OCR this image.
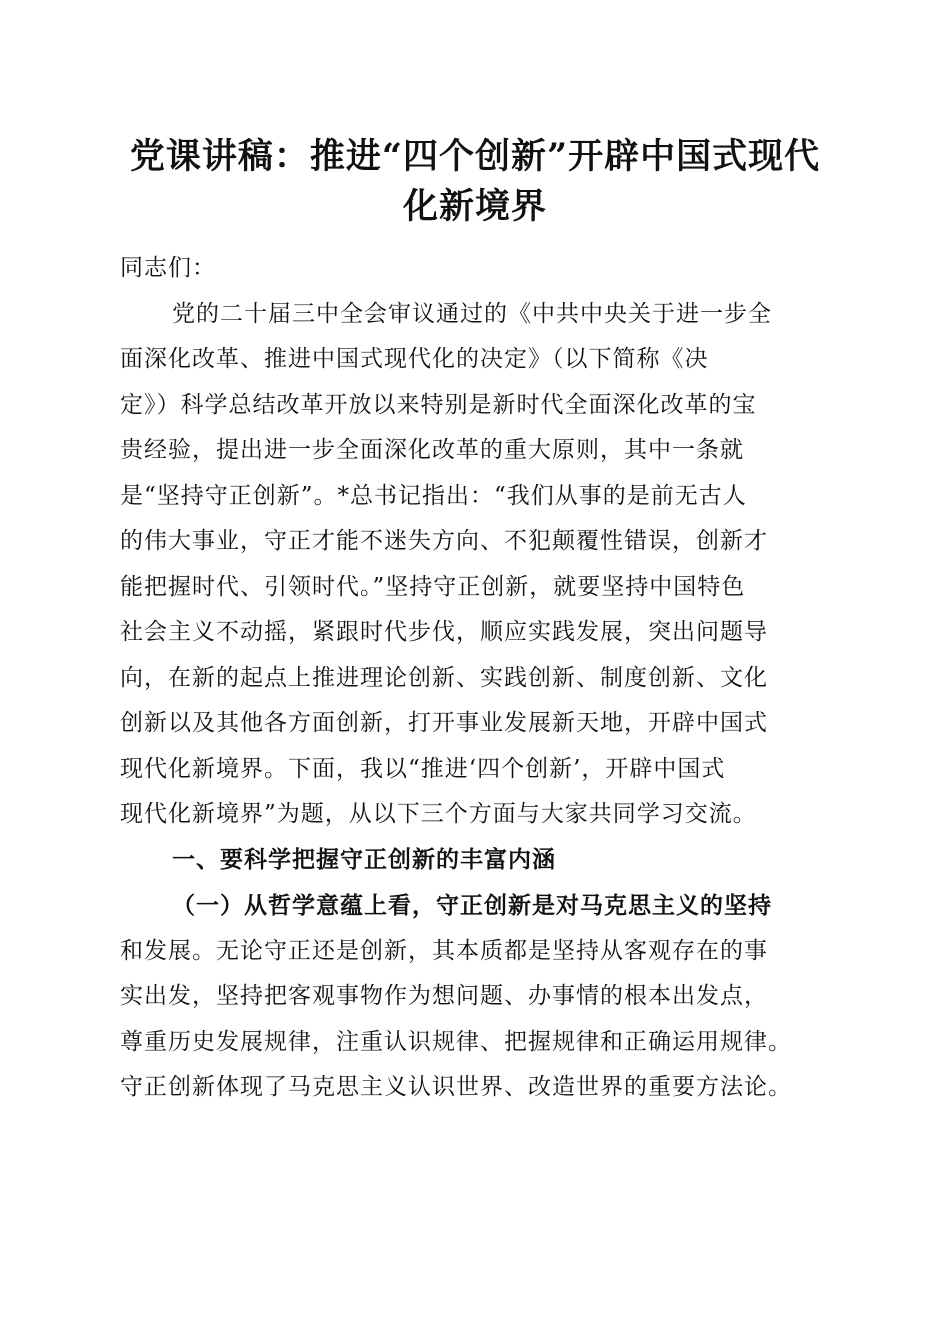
党课讲稿：推进“四个创新”开辟中国式现代
化新境界
同志们：
党的二十届三中全会审议通过的《中共中央关于进一步全
面深化改革、推进中国式现代化的决定》（以下简称《决
定》）科学总结改革开放以来特别是新时代全面深化改革的宝
贵经验，提出进一步全面深化改革的重大原则，其中一条就
是“坚持守正创新”。*总书记指出：“我们从事的是前无古人
的伟大事业，守正才能不迷失方向、不犯颠覆性错误，创新才
能把握时代、引领时代。”坚持守正创新，就要坚持中国特色
社会主义不动摇，紧跟时代步伐，顺应实践发展，突出问题导
向，在新的起点上推进理论创新、实践创新、制度创新、文化
创新以及其他各方面创新，打开事业发展新天地，开辟中国式
现代化新境界。下面，我以“推进‘四个创新’，开辟中国式
现代化新境界”为题，从以下三个方面与大家共同学习交流。
一、要科学把握守正创新的丰富内涵
（一）从哲学意蕴上看，守正创新是对马克思主义的坚持
和发展。无论守正还是创新，其本质都是坚持从客观存在的事
实出发，坚持把客观事物作为想问题、办事情的根本出发点，
尊重历史发展规律，注重认识规律、把握规律和正确运用规律。
守正创新体现了马克思主义认识世界、改造世界的重要方法论。
